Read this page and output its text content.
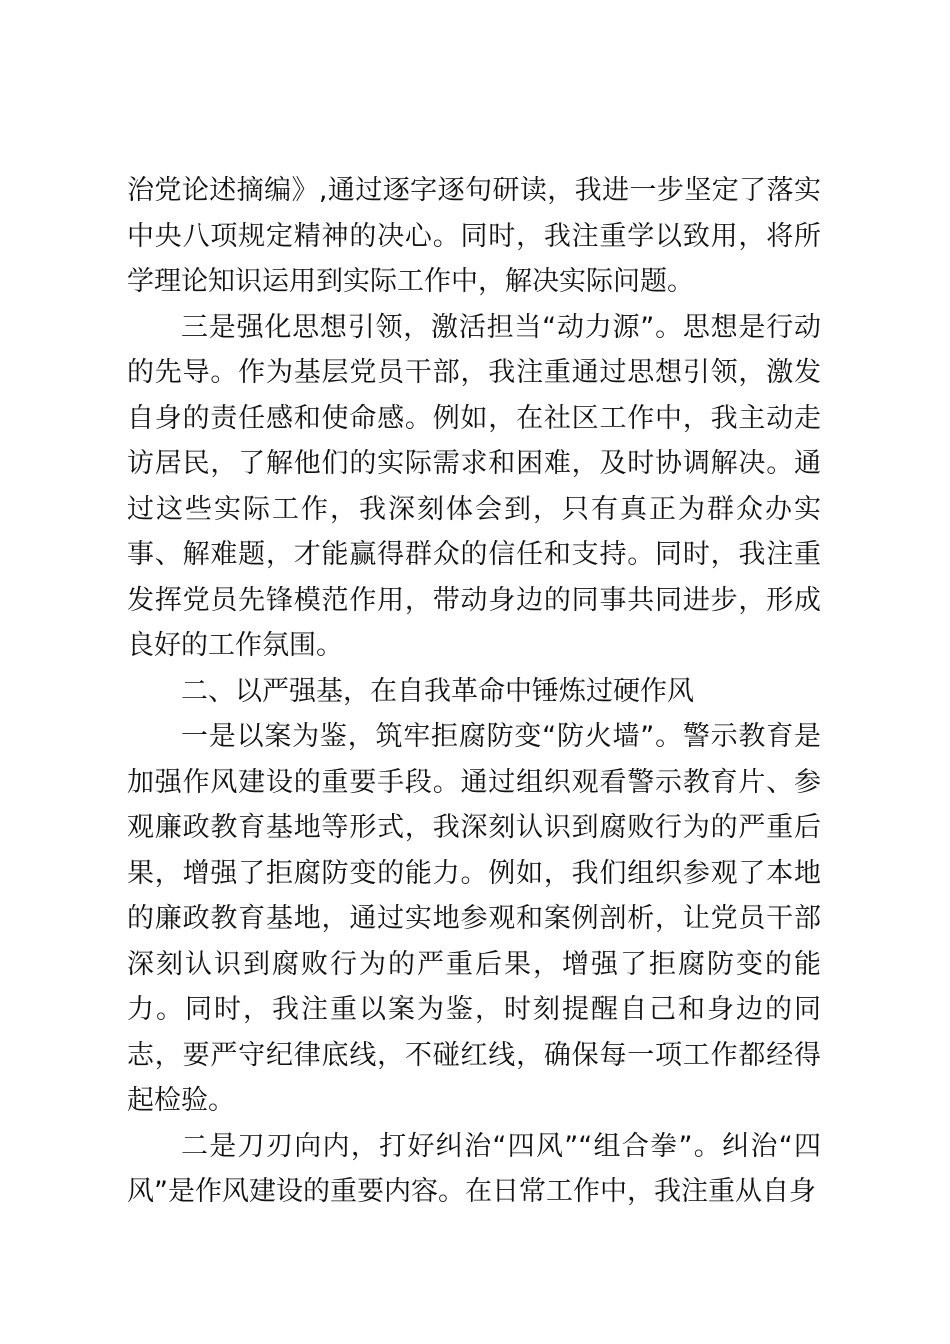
治党论述摘编》,通过逐字逐句研读，我进一步坚定了落实中央八项规定精神的决心。同时，我注重学以致用，将所学理论知识运用到实际工作中，解决实际问题。

三是强化思想引领，激活担当“动力源”。思想是行动的先导。作为基层党员干部，我注重通过思想引领，激发自身的责任感和使命感。例如，在社区工作中，我主动走访居民，了解他们的实际需求和困难，及时协调解决。通过这些实际工作，我深刻体会到，只有真正为群众办实事、解难题，才能赢得群众的信任和支持。同时，我注重发挥党员先锋模范作用，带动身边的同事共同进步，形成良好的工作氛围。

二、以严强基，在自我革命中锤炼过硬作风

一是以案为鉴，筑牢拒腐防变“防火墙”。警示教育是加强作风建设的重要手段。通过组织观看警示教育片、参观廉政教育基地等形式，我深刻认识到腐败行为的严重后果，增强了拒腐防变的能力。例如，我们组织参观了本地的廉政教育基地，通过实地参观和案例剖析，让党员干部深刻认识到腐败行为的严重后果，增强了拒腐防变的能力。同时，我注重以案为鉴，时刻提醒自己和身边的同志，要严守纪律底线，不碰红线，确保每一项工作都经得起检验。

二是刀刃向内，打好纠治“四风”“组合拳”。纠治“四风”是作风建设的重要内容。在日常工作中，我注重从自身
